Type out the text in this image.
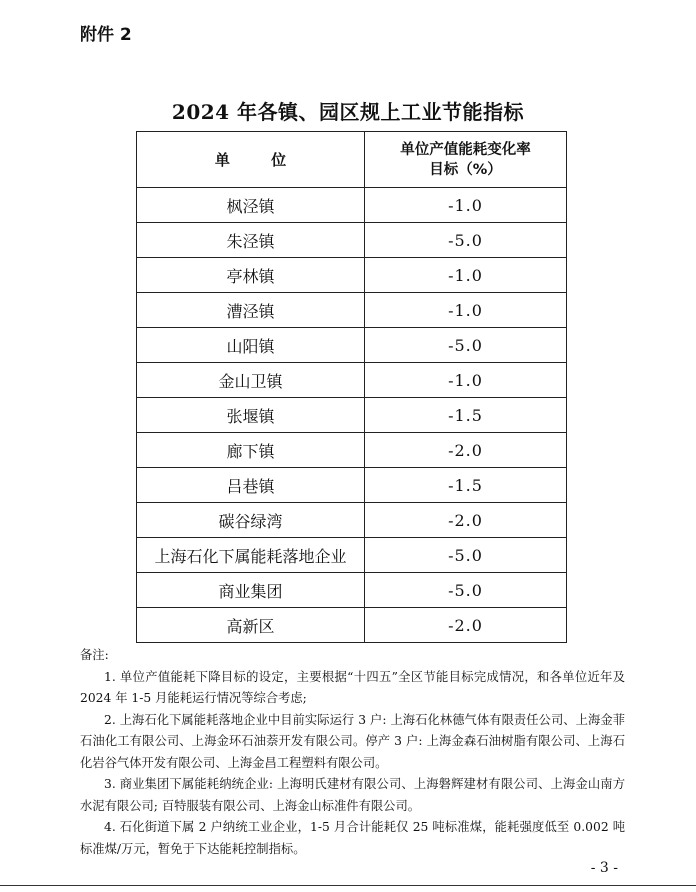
附件 2
2024 年各镇、园区规上工业节能指标
单 位	单位产值能耗变化率
目标（%）
枫泾镇	-1.0
朱泾镇	-5.0
亭林镇	-1.0
漕泾镇	-1.0
山阳镇	-5.0
金山卫镇	-1.0
张堰镇	-1.5
廊下镇	-2.0
吕巷镇	-1.5
碳谷绿湾	-2.0
上海石化下属能耗落地企业	-5.0
商业集团	-5.0
高新区	-2.0

备注:

1. 单位产值能耗下降目标的设定，主要根据“十四五”全区节能目标完成情况，和各单位近年及 2024 年 1-5 月能耗运行情况等综合考虑;

2. 上海石化下属能耗落地企业中目前实际运行 3 户: 上海石化林德气体有限责任公司、上海金菲石油化工有限公司、上海金环石油萘开发有限公司。停产 3 户: 上海金森石油树脂有限公司、上海石化岩谷气体开发有限公司、上海金昌工程塑料有限公司。

3. 商业集团下属能耗纳统企业: 上海明氏建材有限公司、上海磐辉建材有限公司、上海金山南方水泥有限公司; 百特服装有限公司、上海金山标准件有限公司。

4. 石化街道下属 2 户纳统工业企业，1-5 月合计能耗仅 25 吨标准煤，能耗强度低至 0.002 吨标准煤/万元，暂免于下达能耗控制指标。

- 3 -
